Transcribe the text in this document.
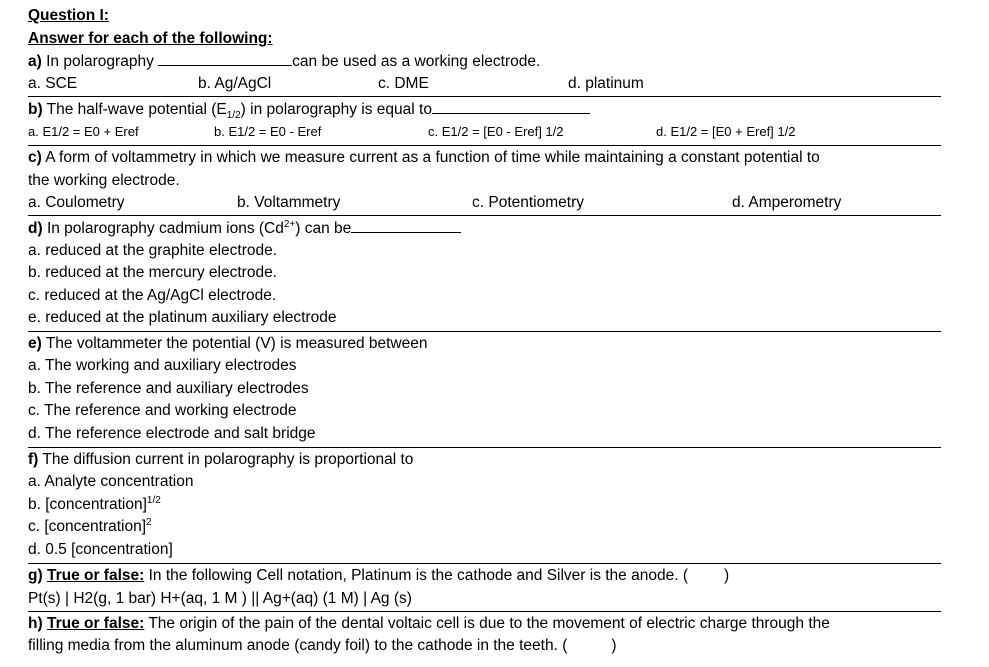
Question I:
Answer for each of the following:
a) In polarography	can be used as a working electrode.
a. SCE	b. Ag/AgCl	c. DME	d. platinum
b) The half-wave potential $(E_{1/2})$ in polarography is equal to
a. E1/2 = E0 + Eref	b. E1/2 = E0 - Eref	c. E1/2 = [E0 - Eref] 1/2	d. E1/2 = [E0 + Eref] 1/2
c) A form of voltammetry in which we measure current as a function of time while maintaining a constant potential to
the working electrode.
a. Coulometry	b. Voltammetry	c. Potentiometry	d. Amperometry
d) In polarography cadmium ions $(Cd^{2+})$ can be
a. reduced at the graphite electrode.
b. reduced at the mercury electrode.
c. reduced at the Ag/AgCl electrode.
e. reduced at the platinum auxiliary electrode
e) The voltammeter the potential (V) is measured between
a. The working and auxiliary electrodes
b. The reference and auxiliary electrodes
c. The reference and working electrode
d. The reference electrode and salt bridge
f) The diffusion current in polarography is proportional to
a. Analyte concentration
b. [concentration]$^{1/2}$
c. [concentration]$^2$
d. 0.5 [concentration]
g) True or false: In the following Cell notation, Platinum is the cathode and Silver is the anode. ( )
Pt(s) | H2(g, 1 bar) H+(aq, 1 M ) || Ag+(aq) (1 M) | Ag (s)
h) True or false: The origin of the pain of the dental voltaic cell is due to the movement of electric charge through the
filling media from the aluminum anode (candy foil) to the cathode in the teeth. (	)
